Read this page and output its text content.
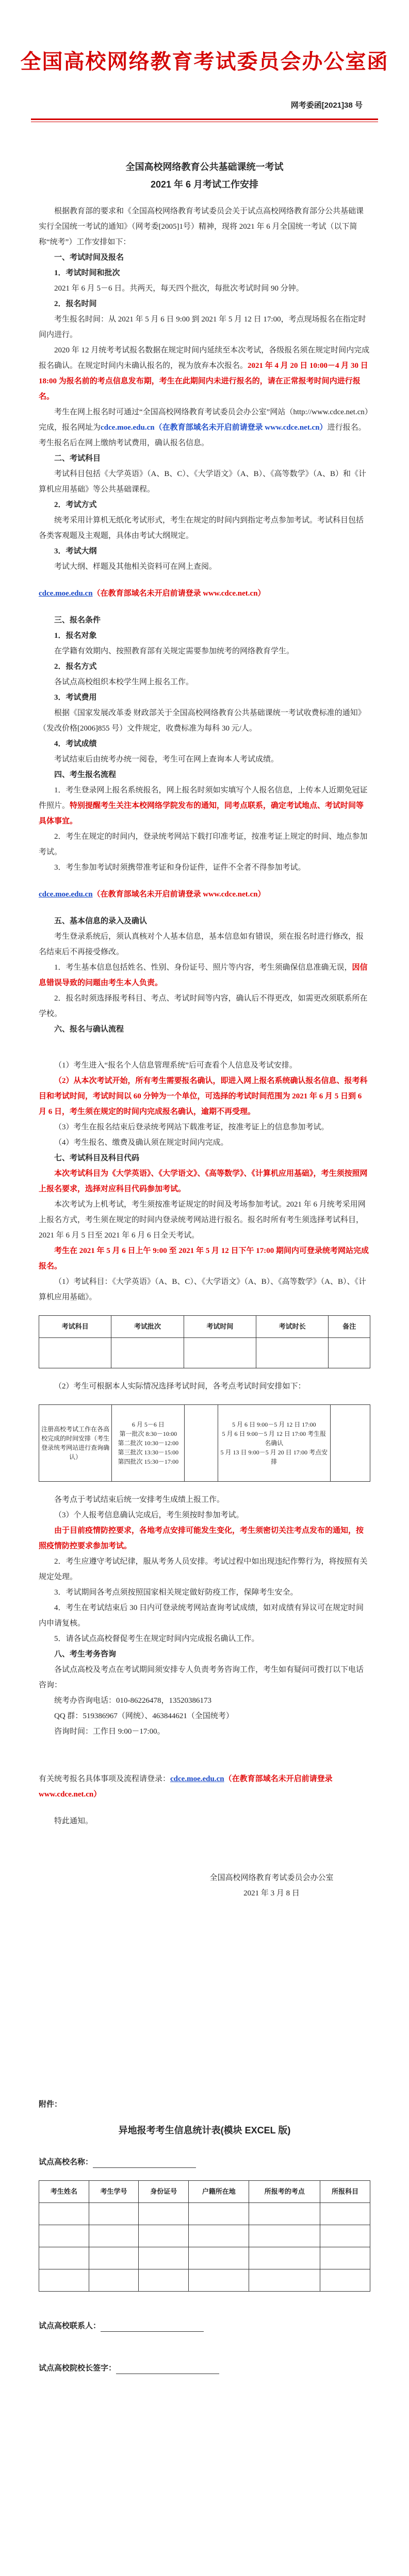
全国高校网络教育考试委员会办公室函
网考委函[2021]38 号
全国高校网络教育公共基础课统一考试
2021 年 6 月考试工作安排

根据教育部的要求和《全国高校网络教育考试委员会关于试点高校网络教育部分公共基础课实行全国统一考试的通知》（网考委[2005]1号）精神，现将 2021 年 6 月全国统一考试（以下简称“统考”）工作安排如下：

一、考试时间及报名

1．考试时间和批次

2021 年 6 月 5－6 日。共两天，每天四个批次，每批次考试时间 90 分钟。

2．报名时间

考生报名时间：从 2021 年 5 月 6 日 9:00 到 2021 年 5 月 12 日 17:00，考点现场报名在指定时间内进行。

2020 年 12 月统考考试报名数据在规定时间内延续至本次考试，各级报名须在规定时间内完成报名确认。在规定时间内未确认报名的，视为放弃本次报名。2021 年 4 月 20 日 10:00－4 月 30 日 18:00 为报名前的考点信息发布期，考生在此期间内未进行报名的，请在正常报考时间内进行报名。

考生在网上报名时可通过“全国高校网络教育考试委员会办公室”网站（http://www.cdce.net.cn）完成，报名网址为cdce.moe.edu.cn（在教育部域名未开启前请登录 www.cdce.net.cn）进行报名。考生报名后在网上缴纳考试费用，确认报名信息。

二、考试科目

考试科目包括《大学英语》（A、B、C）、《大学语文》（A、B）、《高等数学》（A、B）和《计算机应用基础》等公共基础课程。

2．考试方式

统考采用计算机无纸化考试形式，考生在规定的时间内到指定考点参加考试。考试科目包括各类客观题及主观题，具体由考试大纲规定。

3．考试大纲

考试大纲、样题及其他相关资料可在网上查阅。

cdce.moe.edu.cn（在教育部域名未开启前请登录 www.cdce.net.cn）

三、报名条件

1．报名对象

在学籍有效期内、按照教育部有关规定需要参加统考的网络教育学生。

2．报名方式

各试点高校组织本校学生网上报名工作。

3．考试费用

根据《国家发展改革委 财政部关于全国高校网络教育公共基础课统一考试收费标准的通知》（发改价格[2006]855 号）文件规定，收费标准为每科 30 元/人。

4．考试成绩

考试结束后由统考办统一阅卷，考生可在网上查询本人考试成绩。

四、考生报名流程

1．考生登录网上报名系统报名，网上报名时须如实填写个人报名信息，上传本人近期免冠证件照片。特别提醒考生关注本校网络学院发布的通知，同考点联系，确定考试地点、考试时间等具体事宜。

2．考生在规定的时间内，登录统考网站下载打印准考证，按准考证上规定的时间、地点参加考试。

3．考生参加考试时须携带准考证和身份证件，证件不全者不得参加考试。

cdce.moe.edu.cn（在教育部域名未开启前请登录 www.cdce.net.cn）

五、基本信息的录入及确认

考生登录系统后，须认真核对个人基本信息，基本信息如有错误，须在报名时进行修改，报名结束后不再接受修改。

1．考生基本信息包括姓名、性别、身份证号、照片等内容，考生须确保信息准确无误，因信息错误导致的问题由考生本人负责。

2．报名时须选择报考科目、考点、考试时间等内容，确认后不得更改，如需更改须联系所在学校。

六、报名与确认流程

（1）考生进入“报名个人信息管理系统”后可查看个人信息及考试安排。

（2）从本次考试开始，所有考生需要报名确认，即进入网上报名系统确认报名信息、报考科目和考试时间，考试时间以 60 分钟为一个单位，可选择的考试时间范围为 2021 年 6 月 5 日到 6 月 6 日，考生须在规定的时间内完成报名确认，逾期不再受理。

（3）考生在报名结束后登录统考网站下载准考证，按准考证上的信息参加考试。

（4）考生报名、缴费及确认须在规定时间内完成。

七、考试科目及科目代码

本次考试科目为《大学英语》、《大学语文》、《高等数学》、《计算机应用基础》，考生须按照网上报名要求，选择对应科目代码参加考试。

本次考试为上机考试，考生须按准考证规定的时间及考场参加考试。2021 年 6 月统考采用网上报名方式，考生须在规定的时间内登录统考网站进行报名。报名时所有考生须选择考试科目，2021 年 6 月 5 日至 2021 年 6 月 6 日全天考试。

考生在 2021 年 5 月 6 日上午 9:00 至 2021 年 5 月 12 日下午 17:00 期间内可登录统考网站完成报名。

（1）考试科目：《大学英语》（A、B、C）、《大学语文》（A、B）、《高等数学》（A、B）、《计算机应用基础》。

考试科目	考试批次	考试时间	考试时长	备注

（2）考生可根据本人实际情况选择考试时间，各考点考试时间安排如下：

注册高校考试工作在各高校完成的时间安排（考生登录统考网站进行查询确认）	6 月 5－6 日
第一批次 8:30－10:00
第二批次 10:30－12:00
第三批次 13:30－15:00
第四批次 15:30－17:00		5 月 6 日 9:00－5 月 12 日 17:00
5 月 6 日 9:00－5 月 12 日 17:00 考生报名确认
5 月 13 日 9:00－5 月 20 日 17:00 考点安排	

各考点于考试结束后统一安排考生成绩上报工作。

（3）个人报考信息确认完成后，考生须按时参加考试。

由于目前疫情防控要求，各地考点安排可能发生变化，考生须密切关注考点发布的通知，按照疫情防控要求参加考试。

2．考生应遵守考试纪律，服从考务人员安排。考试过程中如出现违纪作弊行为，将按照有关规定处理。

3．考试期间各考点须按照国家相关规定做好防疫工作，保障考生安全。

4．考生在考试结束后 30 日内可登录统考网站查询考试成绩，如对成绩有异议可在规定时间内申请复核。

5．请各试点高校督促考生在规定时间内完成报名确认工作。

八、考生考务咨询

各试点高校及考点在考试期间须安排专人负责考务咨询工作，考生如有疑问可拨打以下电话咨询：

统考办咨询电话：010-86226478，13520386173

QQ 群：519386967（网统）、463844621（全国统考）

咨询时间：工作日 9:00－17:00。

有关统考报名具体事项及流程请登录：cdce.moe.edu.cn（在教育部域名未开启前请登录 www.cdce.net.cn）

特此通知。

全国高校网络教育考试委员会办公室

2021 年 3 月 8 日

附件：

异地报考考生信息统计表(模块 EXCEL 版)

试点高校名称：

考生姓名	考生学号	身份证号	户籍所在地	所报考的考点	所报科目

试点高校联系人：

试点高校院校长签字：
